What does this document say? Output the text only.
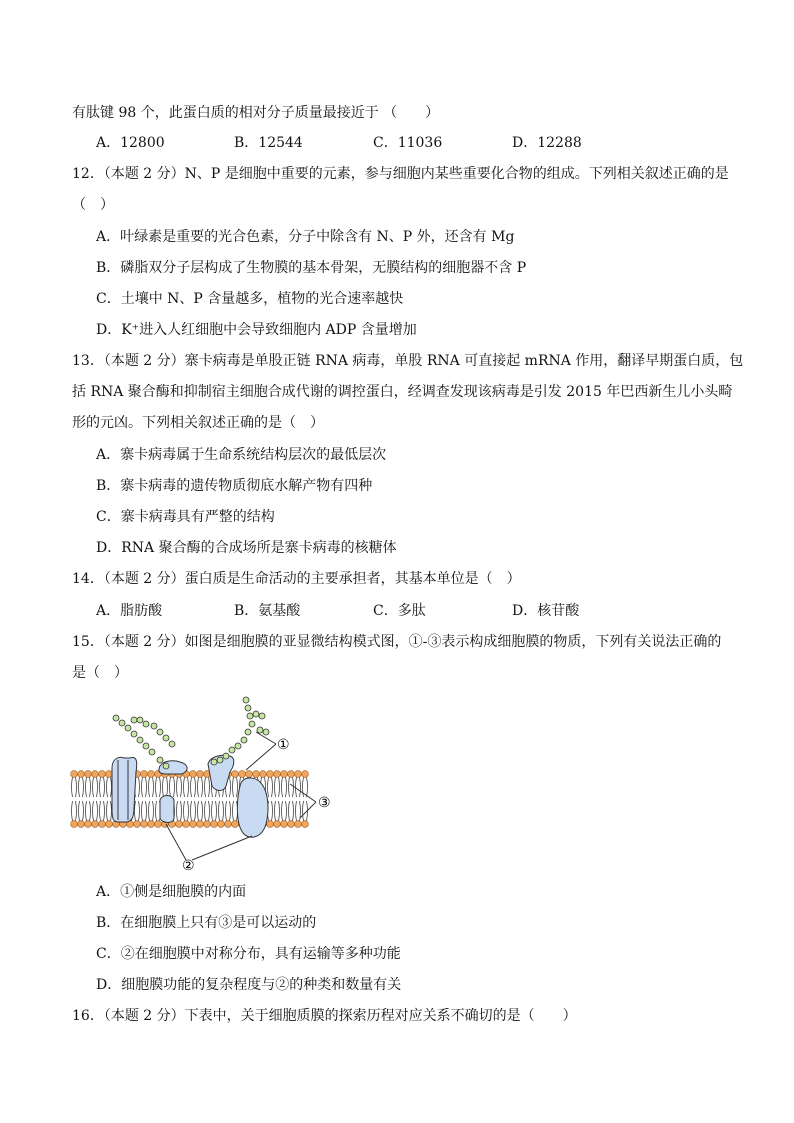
有肽键 98 个，此蛋白质的相对分子质量最接近于 （　　）
A．12800	B．12544	C．11036	D．12288
12．（本题 2 分）N、P 是细胞中重要的元素，参与细胞内某些重要化合物的组成。下列相关叙述正确的是
（　）
A．叶绿素是重要的光合色素，分子中除含有 N、P 外，还含有 Mg
B．磷脂双分子层构成了生物膜的基本骨架，无膜结构的细胞器不含 P
C．土壤中 N、P 含量越多，植物的光合速率越快
D．K⁺进入人红细胞中会导致细胞内 ADP 含量增加
13．（本题 2 分）寨卡病毒是单股正链 RNA 病毒，单股 RNA 可直接起 mRNA 作用，翻译早期蛋白质，包
括 RNA 聚合酶和抑制宿主细胞合成代谢的调控蛋白，经调查发现该病毒是引发 2015 年巴西新生儿小头畸
形的元凶。下列相关叙述正确的是（　）
A．寨卡病毒属于生命系统结构层次的最低层次
B．寨卡病毒的遗传物质彻底水解产物有四种
C．寨卡病毒具有严整的结构
D．RNA 聚合酶的合成场所是寨卡病毒的核糖体
14．（本题 2 分）蛋白质是生命活动的主要承担者，其基本单位是（　）
A．脂肪酸	B．氨基酸	C．多肽	D．核苷酸
15．（本题 2 分）如图是细胞膜的亚显微结构模式图，①-③表示构成细胞膜的物质，下列有关说法正确的
是（　）
①
③
②
A．①侧是细胞膜的内面
B．在细胞膜上只有③是可以运动的
C．②在细胞膜中对称分布，具有运输等多种功能
D．细胞膜功能的复杂程度与②的种类和数量有关
16．（本题 2 分）下表中，关于细胞质膜的探索历程对应关系不确切的是（　　）
